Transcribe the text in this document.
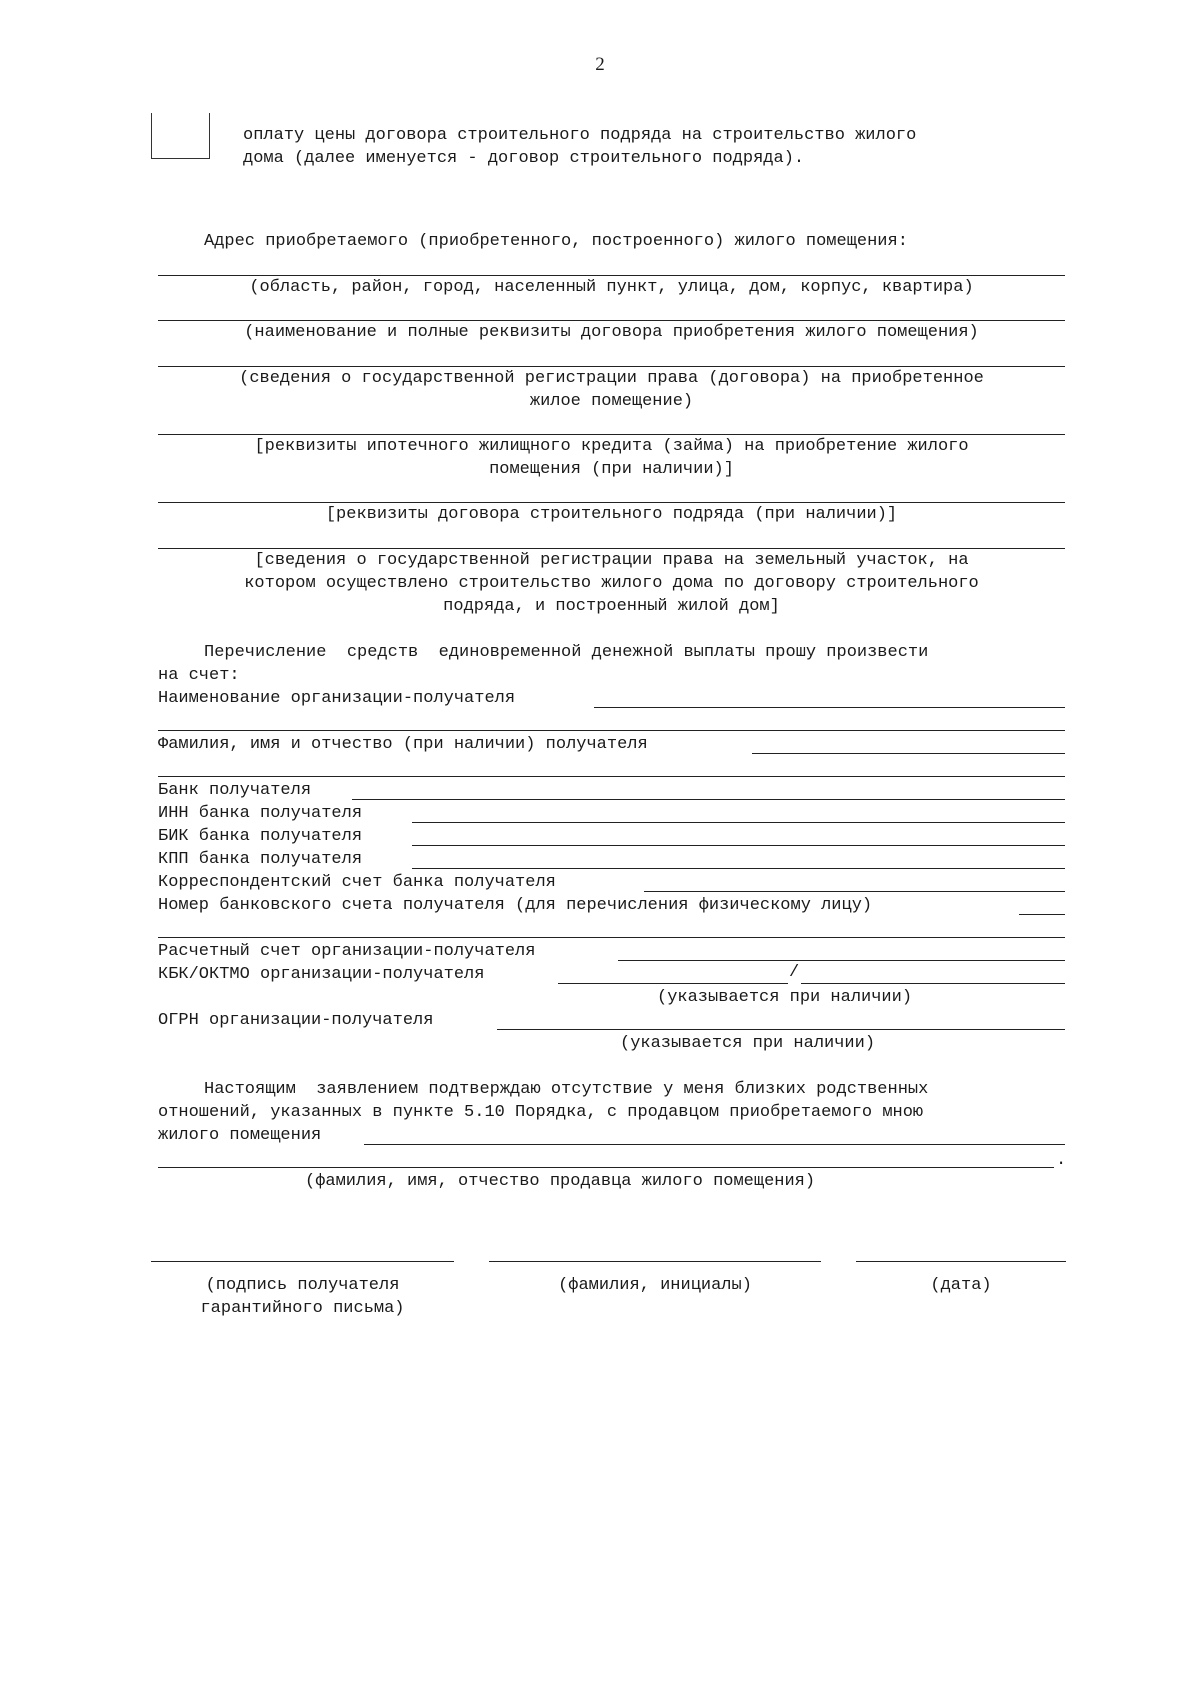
2
оплату цены договора строительного подряда на строительство жилого
дома (далее именуется - договор строительного подряда).
Адрес приобретаемого (приобретенного, построенного) жилого помещения:
(область, район, город, населенный пункт, улица, дом, корпус, квартира)
(наименование и полные реквизиты договора приобретения жилого помещения)
(сведения о государственной регистрации права (договора) на приобретенное
жилое помещение)
[реквизиты ипотечного жилищного кредита (займа) на приобретение жилого
помещения (при наличии)]
[реквизиты договора строительного подряда (при наличии)]
[сведения о государственной регистрации права на земельный участок, на
котором осуществлено строительство жилого дома по договору строительного
подряда, и построенный жилой дом]
Перечисление  средств  единовременной денежной выплаты прошу произвести
на счет:
Наименование организации-получателя
Фамилия, имя и отчество (при наличии) получателя
Банк получателя
ИНН банка получателя
БИК банка получателя
КПП банка получателя
Корреспондентский счет банка получателя
Номер банковского счета получателя (для перечисления физическому лицу)
Расчетный счет организации-получателя
КБК/ОКТМО организации-получателя	/
(указывается при наличии)
ОГРН организации-получателя
(указывается при наличии)
Настоящим  заявлением подтверждаю отсутствие у меня близких родственных
отношений, указанных в пункте 5.10 Порядка, с продавцом приобретаемого мною
жилого помещения
.
(фамилия, имя, отчество продавца жилого помещения)
(подпись получателя
гарантийного письма)
(фамилия, инициалы)	(дата)
